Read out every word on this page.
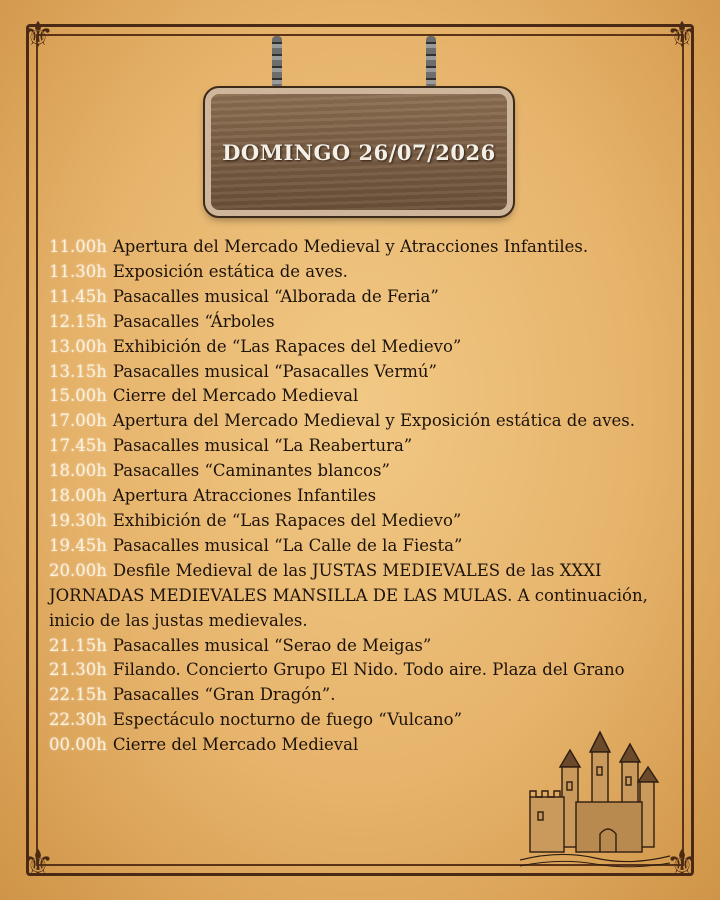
⚜	⚜
⚜	⚜
DOMINGO 26/07/2026
11.00h Apertura del Mercado Medieval y Atracciones Infantiles.
11.30h Exposición estática de aves.
11.45h Pasacalles musical “Alborada de Feria”
12.15h Pasacalles “Árboles
13.00h Exhibición de “Las Rapaces del Medievo”
13.15h Pasacalles musical “Pasacalles Vermú”
15.00h Cierre del Mercado Medieval
17.00h Apertura del Mercado Medieval y Exposición estática de aves.
17.45h Pasacalles musical “La Reabertura”
18.00h Pasacalles “Caminantes blancos”
18.00h Apertura Atracciones Infantiles
19.30h Exhibición de “Las Rapaces del Medievo”
19.45h Pasacalles musical “La Calle de la Fiesta”
20.00h Desfile Medieval de las JUSTAS MEDIEVALES de las XXXI JORNADAS MEDIEVALES MANSILLA DE LAS MULAS. A continuación, inicio de las justas medievales.
21.15h Pasacalles musical “Serao de Meigas”
21.30h Filando. Concierto Grupo El Nido. Todo aire. Plaza del Grano
22.15h Pasacalles “Gran Dragón”.
22.30h Espectáculo nocturno de fuego “Vulcano”
00.00h Cierre del Mercado Medieval
